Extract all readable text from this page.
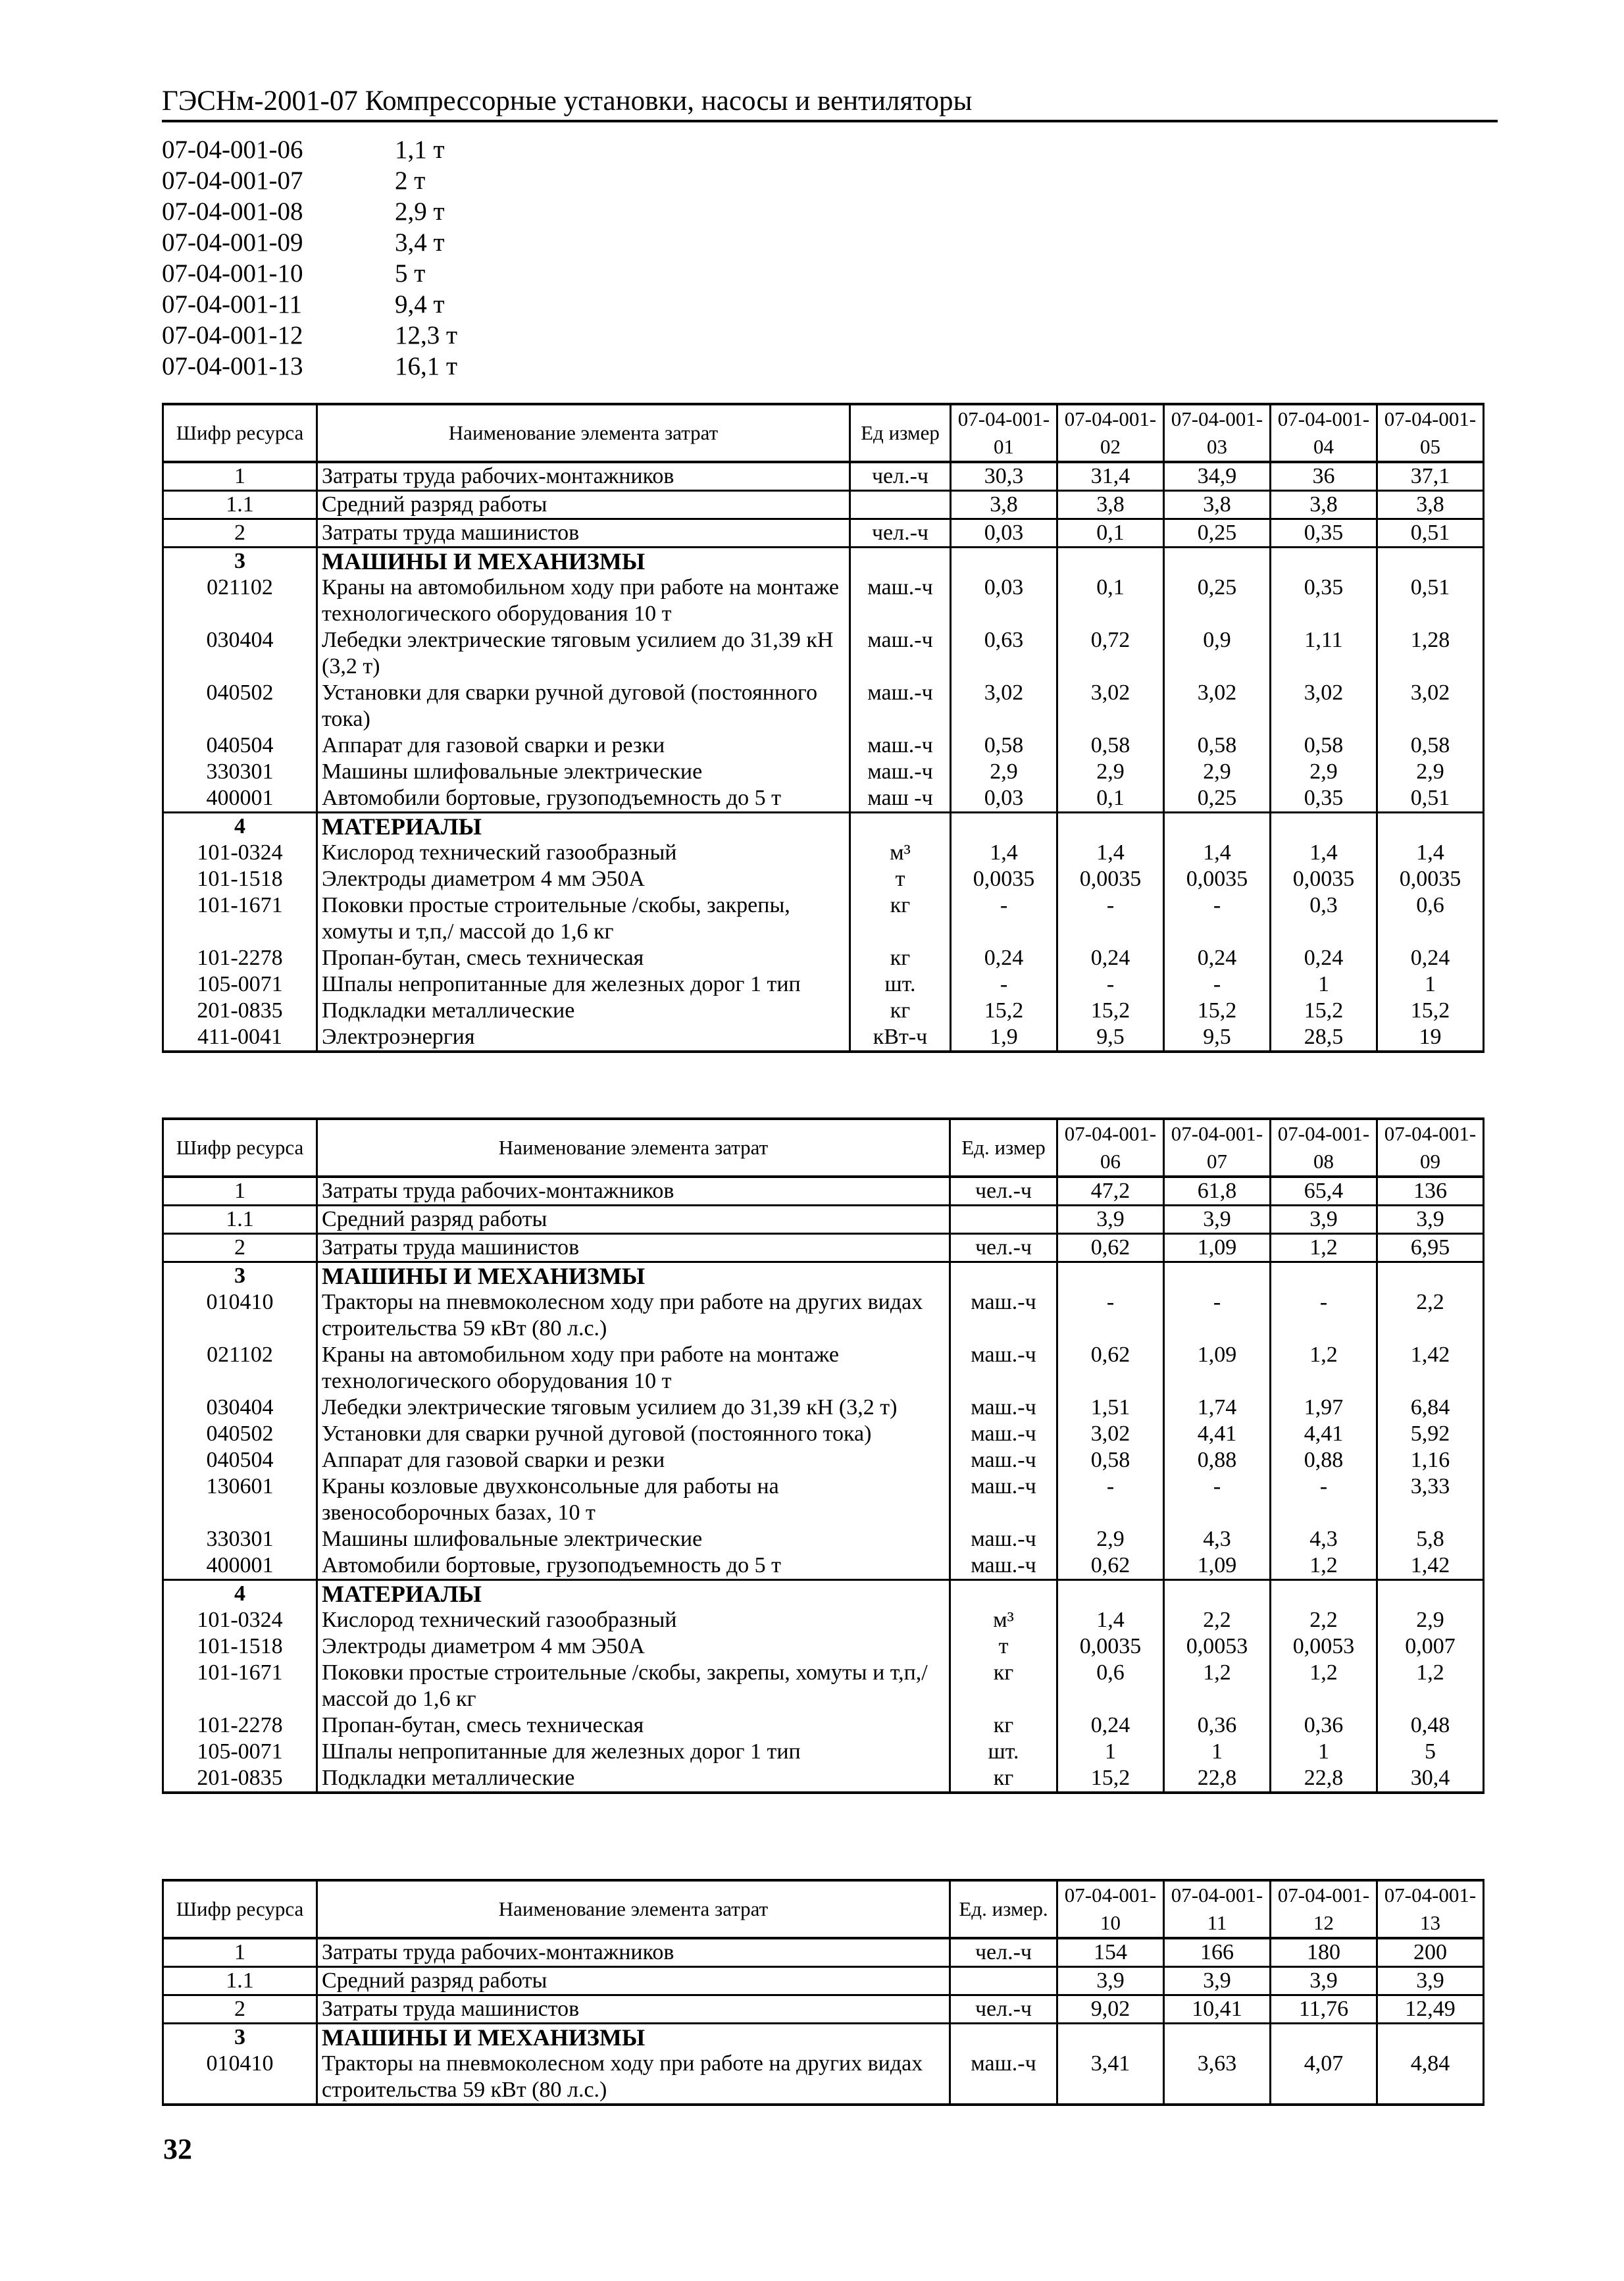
ГЭСНм-2001-07 Компрессорные установки, насосы и вентиляторы
07-04-001-06	1,1 т
07-04-001-07	2 т
07-04-001-08	2,9 т
07-04-001-09	3,4 т
07-04-001-10	5 т
07-04-001-11	9,4 т
07-04-001-12	12,3 т
07-04-001-13	16,1 т
Шифр ресурса	Наименование элемента затрат	Ед измер	07-04-001-01	07-04-001-02	07-04-001-03	07-04-001-04	07-04-001-05
1	Затраты труда рабочих-монтажников	чел.-ч	30,3	31,4	34,9	36	37,1
1.1	Средний разряд работы		3,8	3,8	3,8	3,8	3,8
2	Затраты труда машинистов	чел.-ч	0,03	0,1	0,25	0,35	0,51
3	МАШИНЫ И МЕХАНИЗМЫ						
021102	Краны на автомобильном ходу при работе на монтаже технологического оборудования 10 т	маш.-ч	0,03	0,1	0,25	0,35	0,51
030404	Лебедки электрические тяговым усилием до 31,39 кН (3,2 т)	маш.-ч	0,63	0,72	0,9	1,11	1,28
040502	Установки для сварки ручной дуговой (постоянного тока)	маш.-ч	3,02	3,02	3,02	3,02	3,02
040504	Аппарат для газовой сварки и резки	маш.-ч	0,58	0,58	0,58	0,58	0,58
330301	Машины шлифовальные электрические	маш.-ч	2,9	2,9	2,9	2,9	2,9
400001	Автомобили бортовые, грузоподъемность до 5 т	маш -ч	0,03	0,1	0,25	0,35	0,51
4	МАТЕРИАЛЫ						
101-0324	Кислород технический газообразный	м³	1,4	1,4	1,4	1,4	1,4
101-1518	Электроды диаметром 4 мм Э50А	т	0,0035	0,0035	0,0035	0,0035	0,0035
101-1671	Поковки простые строительные /скобы, закрепы, хомуты и т,п,/ массой до 1,6 кг	кг	-	-	-	0,3	0,6
101-2278	Пропан-бутан, смесь техническая	кг	0,24	0,24	0,24	0,24	0,24
105-0071	Шпалы непропитанные для железных дорог 1 тип	шт.	-	-	-	1	1
201-0835	Подкладки металлические	кг	15,2	15,2	15,2	15,2	15,2
411-0041	Электроэнергия	кВт-ч	1,9	9,5	9,5	28,5	19
Шифр ресурса	Наименование элемента затрат	Ед. измер	07-04-001-06	07-04-001-07	07-04-001-08	07-04-001-09
1	Затраты труда рабочих-монтажников	чел.-ч	47,2	61,8	65,4	136
1.1	Средний разряд работы		3,9	3,9	3,9	3,9
2	Затраты труда машинистов	чел.-ч	0,62	1,09	1,2	6,95
3	МАШИНЫ И МЕХАНИЗМЫ					
010410	Тракторы на пневмоколесном ходу при работе на других видах строительства 59 кВт (80 л.с.)	маш.-ч	-	-	-	2,2
021102	Краны на автомобильном ходу при работе на монтаже технологического оборудования 10 т	маш.-ч	0,62	1,09	1,2	1,42
030404	Лебедки электрические тяговым усилием до 31,39 кН (3,2 т)	маш.-ч	1,51	1,74	1,97	6,84
040502	Установки для сварки ручной дуговой (постоянного тока)	маш.-ч	3,02	4,41	4,41	5,92
040504	Аппарат для газовой сварки и резки	маш.-ч	0,58	0,88	0,88	1,16
130601	Краны козловые двухконсольные для работы на звенособорочных базах, 10 т	маш.-ч	-	-	-	3,33
330301	Машины шлифовальные электрические	маш.-ч	2,9	4,3	4,3	5,8
400001	Автомобили бортовые, грузоподъемность до 5 т	маш.-ч	0,62	1,09	1,2	1,42
4	МАТЕРИАЛЫ					
101-0324	Кислород технический газообразный	м³	1,4	2,2	2,2	2,9
101-1518	Электроды диаметром 4 мм Э50А	т	0,0035	0,0053	0,0053	0,007
101-1671	Поковки простые строительные /скобы, закрепы, хомуты и т,п,/ массой до 1,6 кг	кг	0,6	1,2	1,2	1,2
101-2278	Пропан-бутан, смесь техническая	кг	0,24	0,36	0,36	0,48
105-0071	Шпалы непропитанные для железных дорог 1 тип	шт.	1	1	1	5
201-0835	Подкладки металлические	кг	15,2	22,8	22,8	30,4
Шифр ресурса	Наименование элемента затрат	Ед. измер.	07-04-001-10	07-04-001-11	07-04-001-12	07-04-001-13
1	Затраты труда рабочих-монтажников	чел.-ч	154	166	180	200
1.1	Средний разряд работы		3,9	3,9	3,9	3,9
2	Затраты труда машинистов	чел.-ч	9,02	10,41	11,76	12,49
3	МАШИНЫ И МЕХАНИЗМЫ					
010410	Тракторы на пневмоколесном ходу при работе на других видах строительства 59 кВт (80 л.с.)	маш.-ч	3,41	3,63	4,07	4,84
32
